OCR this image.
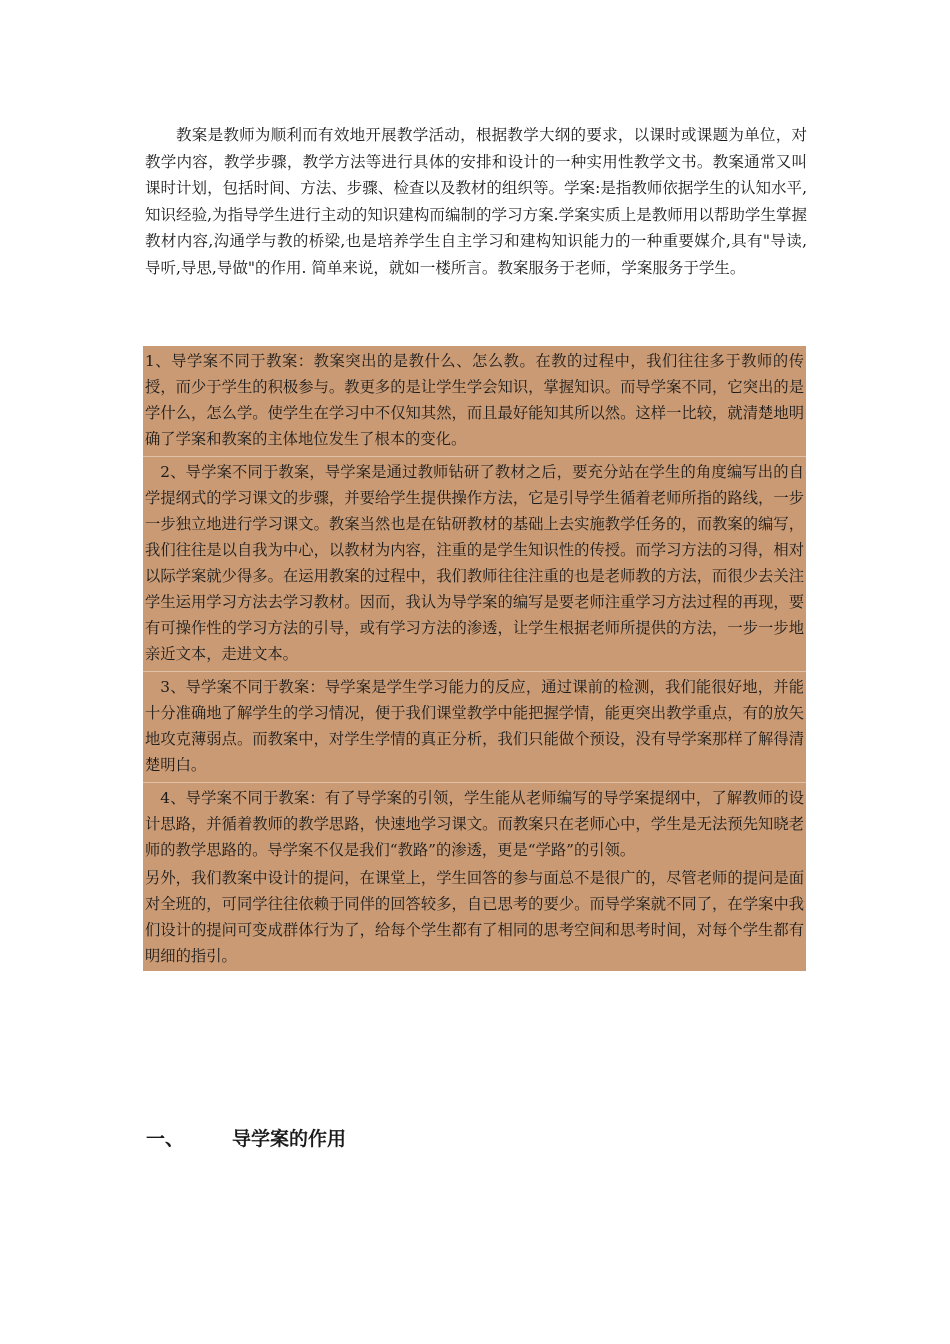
教案是教师为顺利而有效地开展教学活动，根据教学大纲的要求，以课时或课题为单位，对教学内容，教学步骤，教学方法等进行具体的安排和设计的一种实用性教学文书。教案通常又叫课时计划，包括时间、方法、步骤、检查以及教材的组织等。学案:是指教师依据学生的认知水平,知识经验,为指导学生进行主动的知识建构而编制的学习方案.学案实质上是教师用以帮助学生掌握教材内容,沟通学与教的桥梁,也是培养学生自主学习和建构知识能力的一种重要媒介,具有"导读,导听,导思,导做"的作用. 简单来说，就如一楼所言。教案服务于老师，学案服务于学生。

1、导学案不同于教案：教案突出的是教什么、怎么教。在教的过程中，我们往往多于教师的传授，而少于学生的积极参与。教更多的是让学生学会知识，掌握知识。而导学案不同，它突出的是学什么，怎么学。使学生在学习中不仅知其然，而且最好能知其所以然。这样一比较，就清楚地明确了学案和教案的主体地位发生了根本的变化。

2、导学案不同于教案，导学案是通过教师钻研了教材之后，要充分站在学生的角度编写出的自学提纲式的学习课文的步骤，并要给学生提供操作方法，它是引导学生循着老师所指的路线，一步一步独立地进行学习课文。教案当然也是在钻研教材的基础上去实施教学任务的，而教案的编写，我们往往是以自我为中心，以教材为内容，注重的是学生知识性的传授。而学习方法的习得，相对以际学案就少得多。在运用教案的过程中，我们教师往往注重的也是老师教的方法，而很少去关注学生运用学习方法去学习教材。因而，我认为导学案的编写是要老师注重学习方法过程的再现，要有可操作性的学习方法的引导，或有学习方法的渗透，让学生根据老师所提供的方法，一步一步地亲近文本，走进文本。

3、导学案不同于教案：导学案是学生学习能力的反应，通过课前的检测，我们能很好地，并能十分准确地了解学生的学习情况，便于我们课堂教学中能把握学情，能更突出教学重点，有的放矢地攻克薄弱点。而教案中，对学生学情的真正分析，我们只能做个预设，没有导学案那样了解得清楚明白。

4、导学案不同于教案：有了导学案的引领，学生能从老师编写的导学案提纲中，了解教师的设计思路，并循着教师的教学思路，快速地学习课文。而教案只在老师心中，学生是无法预先知晓老师的教学思路的。导学案不仅是我们“教路”的渗透，更是“学路”的引领。

另外，我们教案中设计的提问，在课堂上，学生回答的参与面总不是很广的，尽管老师的提问是面对全班的，可同学往往依赖于同伴的回答较多，自已思考的要少。而导学案就不同了，在学案中我们设计的提问可变成群体行为了，给每个学生都有了相同的思考空间和思考时间，对每个学生都有明细的指引。

一、	导学案的作用
